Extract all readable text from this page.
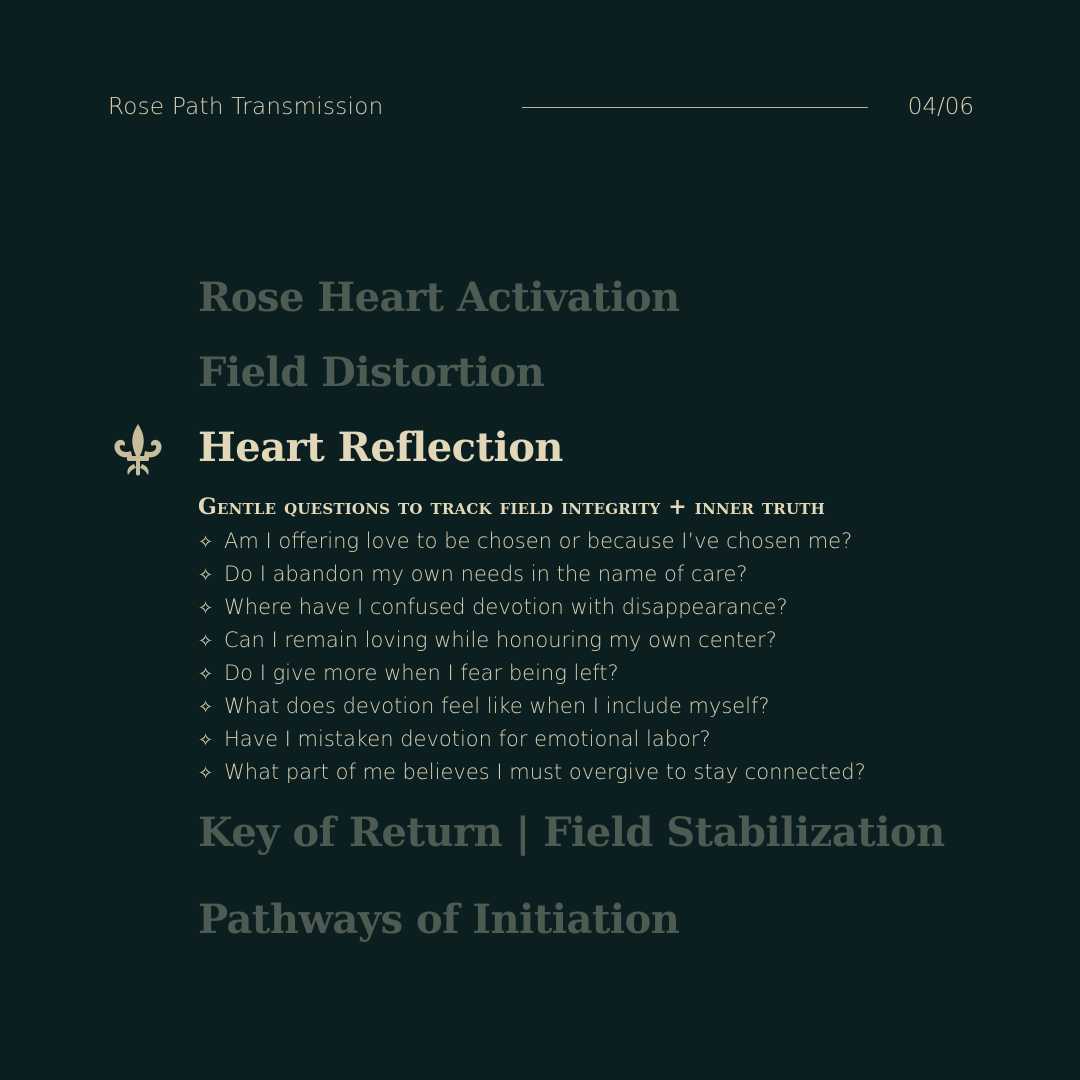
Rose Path Transmission	04/06
Rose Heart Activation
Field Distortion
Heart Reflection
Gentle questions to track field integrity + inner truth
✧ Am I offering love to be chosen or because I’ve chosen me?
✧ Do I abandon my own needs in the name of care?
✧ Where have I confused devotion with disappearance?
✧ Can I remain loving while honouring my own center?
✧ Do I give more when I fear being left?
✧ What does devotion feel like when I include myself?
✧ Have I mistaken devotion for emotional labor?
✧ What part of me believes I must overgive to stay connected?
Key of Return | Field Stabilization
Pathways of Initiation
